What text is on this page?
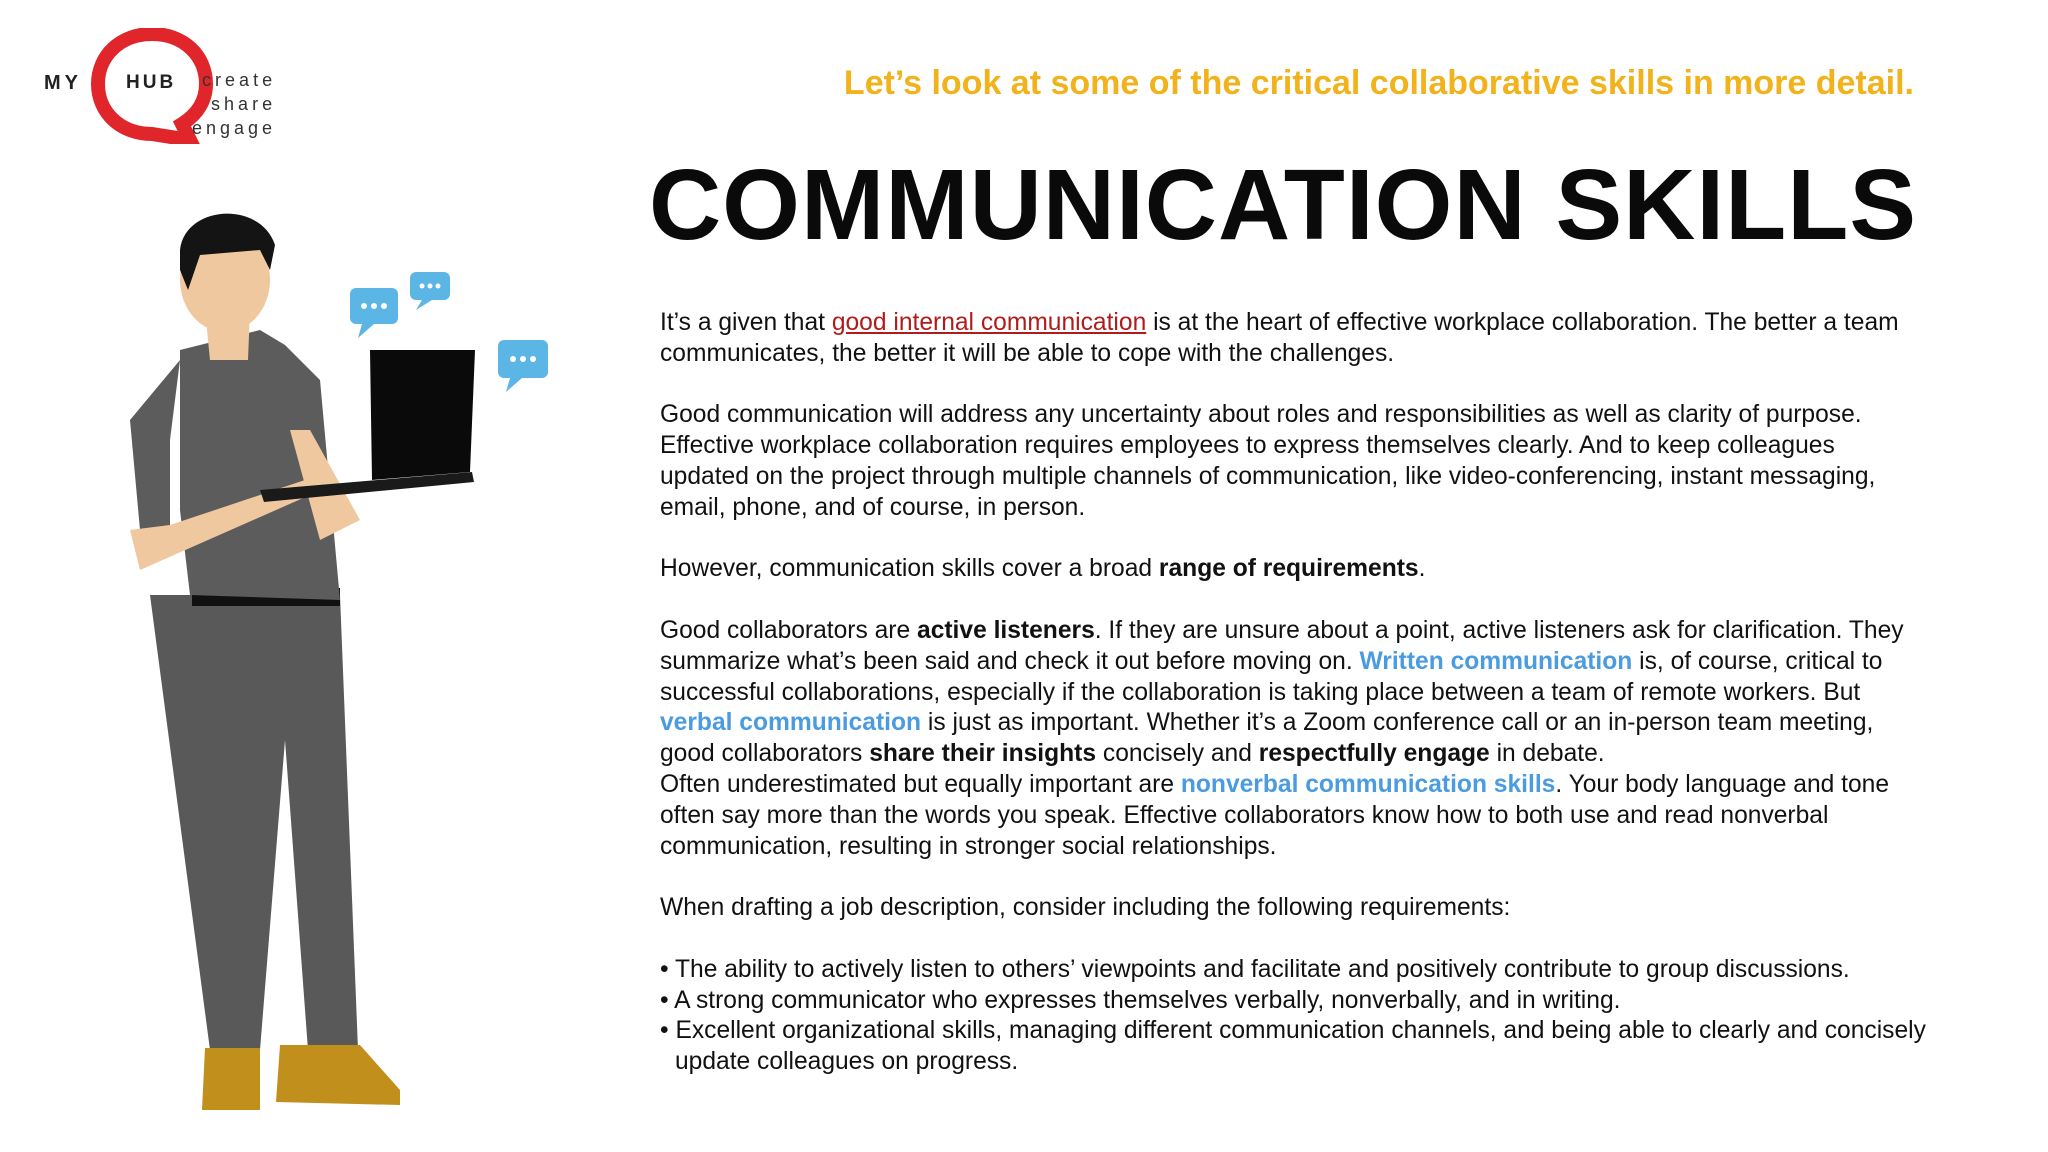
MY HUB	create
share
engage
Let’s look at some of the critical collaborative skills in more detail.
COMMUNICATION SKILLS

It’s a given that good internal communication is at the heart of effective workplace collaboration. The better a team communicates, the better it will be able to cope with the challenges.

Good communication will address any uncertainty about roles and responsibilities as well as clarity of purpose. Effective workplace collaboration requires employees to express themselves clearly. And to keep colleagues updated on the project through multiple channels of communication, like video-conferencing, instant messaging, email, phone, and of course, in person.

However, communication skills cover a broad range of requirements.

Good collaborators are active listeners. If they are unsure about a point, active listeners ask for clarification. They summarize what’s been said and check it out before moving on. Written communication is, of course, critical to successful collaborations, especially if the collaboration is taking place between a team of remote workers. But verbal communication is just as important. Whether it’s a Zoom conference call or an in-person team meeting, good collaborators share their insights concisely and respectfully engage in debate.
Often underestimated but equally important are nonverbal communication skills. Your body language and tone often say more than the words you speak. Effective collaborators know how to both use and read nonverbal communication, resulting in stronger social relationships.

When drafting a job description, consider including the following requirements:

• The ability to actively listen to others’ viewpoints and facilitate and positively contribute to group discussions.
• A strong communicator who expresses themselves verbally, nonverbally, and in writing.
• Excellent organizational skills, managing different communication channels, and being able to clearly and concisely update colleagues on progress.
